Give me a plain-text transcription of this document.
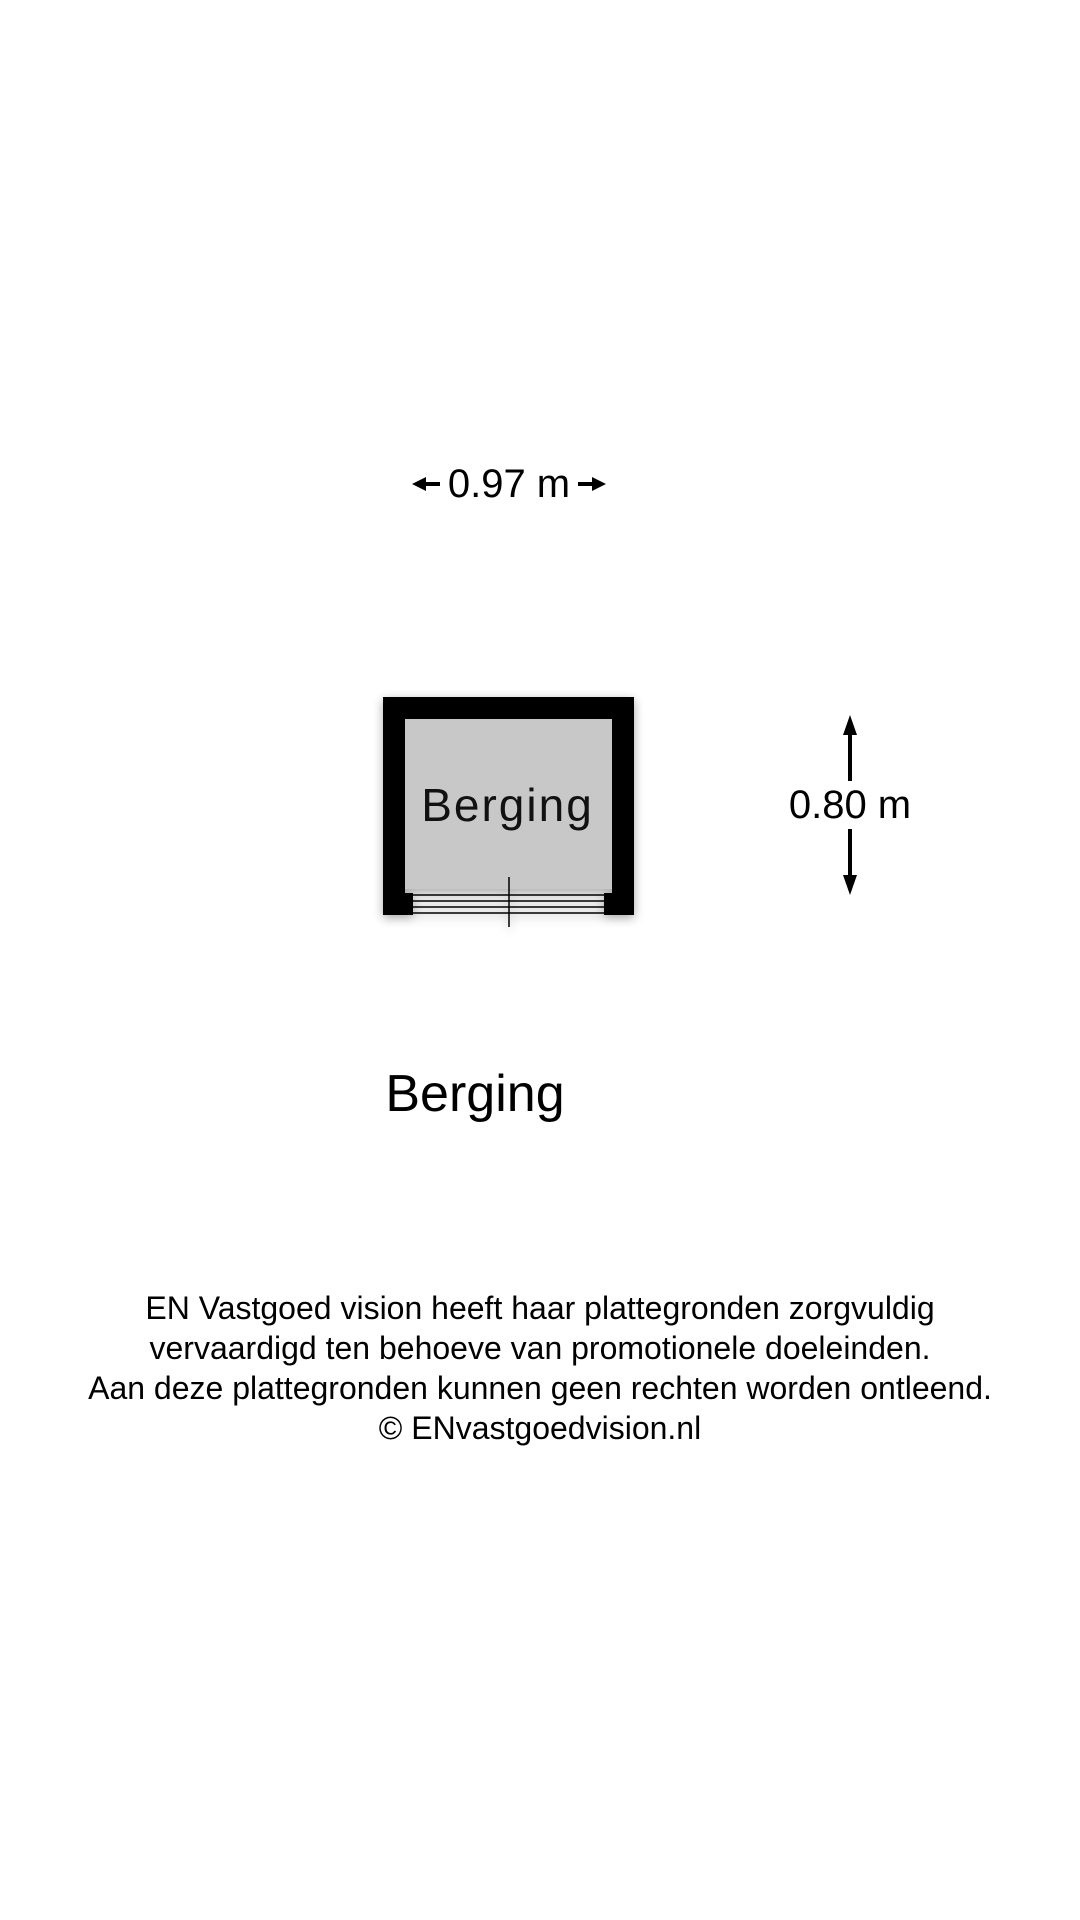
0.97 m
Berging	0.80 m
Berging

EN Vastgoed vision heeft haar plattegronden zorgvuldig

vervaardigd ten behoeve van promotionele doeleinden.

Aan deze plattegronden kunnen geen rechten worden ontleend.

© ENvastgoedvision.nl
